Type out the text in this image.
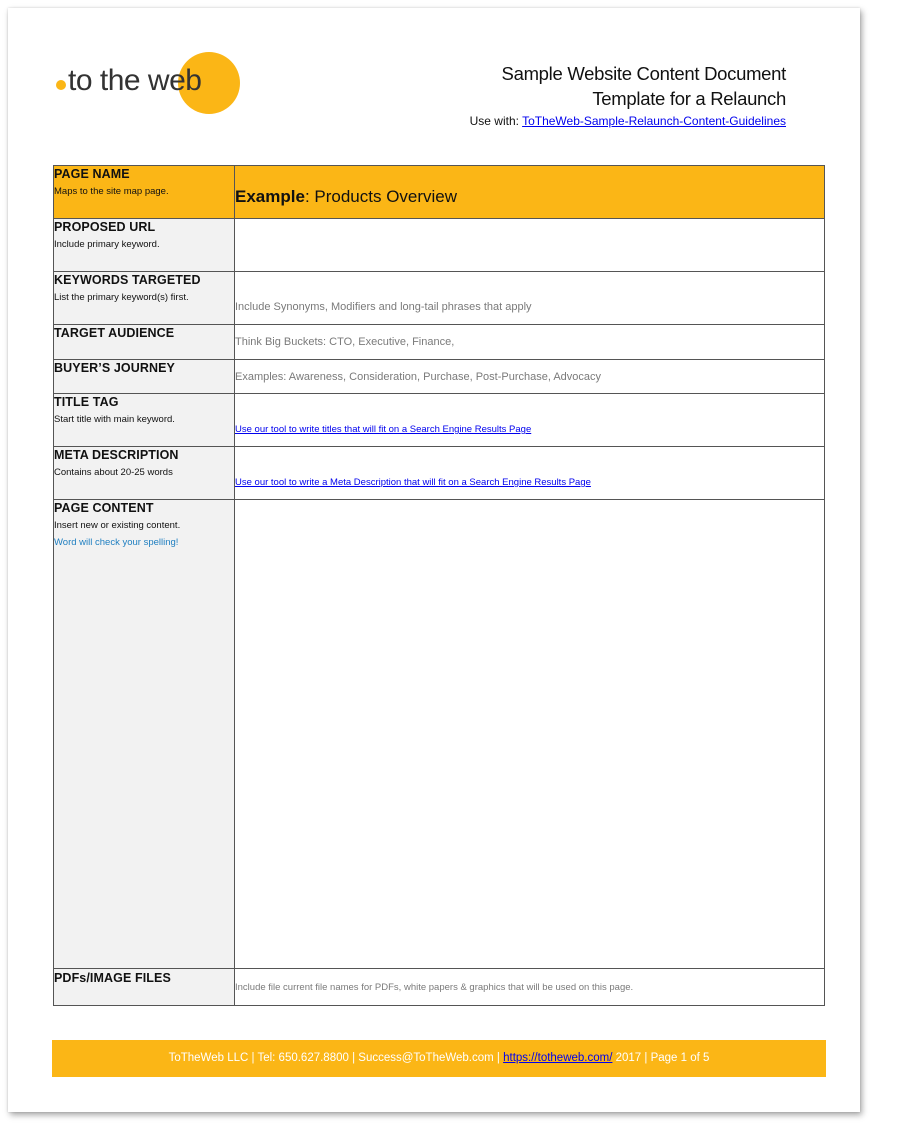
to the web	Sample Website Content Document
Template for a Relaunch
Use with: ToTheWeb-Sample-Relaunch-Content-Guidelines
PAGE NAME
Maps to the site map page.	Example: Products Overview

PROPOSED URL
Include primary keyword.	

KEYWORDS TARGETED
List the primary keyword(s) first.	Include Synonyms, Modifiers and long-tail phrases that apply

TARGET AUDIENCE	Think Big Buckets: CTO, Executive, Finance,

BUYER’S JOURNEY	Examples: Awareness, Consideration, Purchase, Post-Purchase, Advocacy

TITLE TAG
Start title with main keyword.	Use our tool to write titles that will fit on a Search Engine Results Page

META DESCRIPTION
Contains about 20-25 words	Use our tool to write a Meta Description that will fit on a Search Engine Results Page

PAGE CONTENT
Insert new or existing content.
Word will check your spelling!	

PDFs/IMAGE FILES	Include file current file names for PDFs, white papers & graphics that will be used on this page.
ToTheWeb LLC | Tel: 650.627.8800 | Success@ToTheWeb.com | https://totheweb.com/ 2017 | Page 1 of 5
